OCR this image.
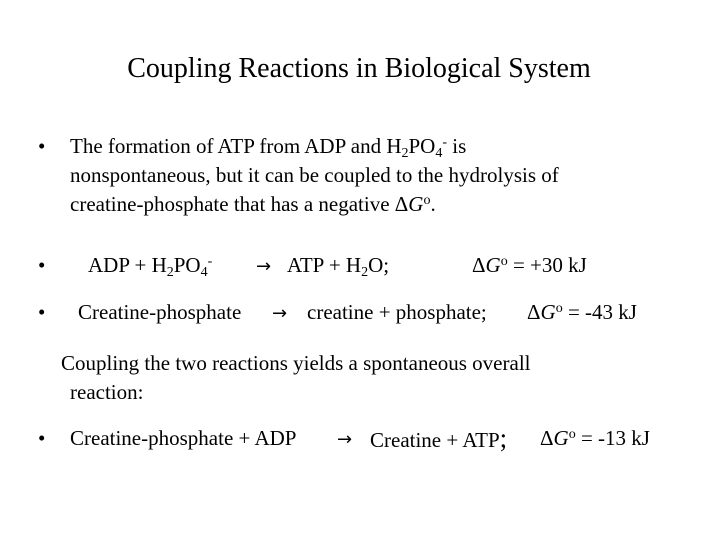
Coupling Reactions in Biological System
• The formation of ATP from ADP and $H_2PO_4^-$ is
nonspontaneous, but it can be coupled to the hydrolysis of
creatine-phosphate that has a negative $\Delta G^o$.
• ADP + $H_2PO_4^-$ → ATP + $H_2O$;	$\Delta G^o = +30$ kJ
• Creatine-phosphate → creatine + phosphate; $\Delta G^o = -43$ kJ
Coupling the two reactions yields a spontaneous overall
reaction:
• Creatine-phosphate + ADP → Creatine + ATP; $\Delta G^o = -13$ kJ
